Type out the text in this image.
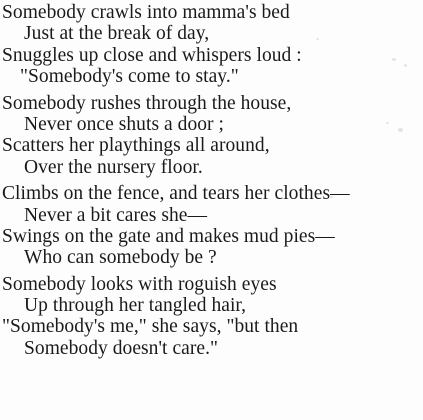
Somebody crawls into mamma's bed
Just at the break of day,
Snuggles up close and whispers loud :
"Somebody's come to stay."
Somebody rushes through the house,
Never once shuts a door ;
Scatters her playthings all around,
Over the nursery floor.
Climbs on the fence, and tears her clothes—
Never a bit cares she—
Swings on the gate and makes mud pies—
Who can somebody be ?
Somebody looks with roguish eyes
Up through her tangled hair,
"Somebody's me," she says, "but then
Somebody doesn't care."
